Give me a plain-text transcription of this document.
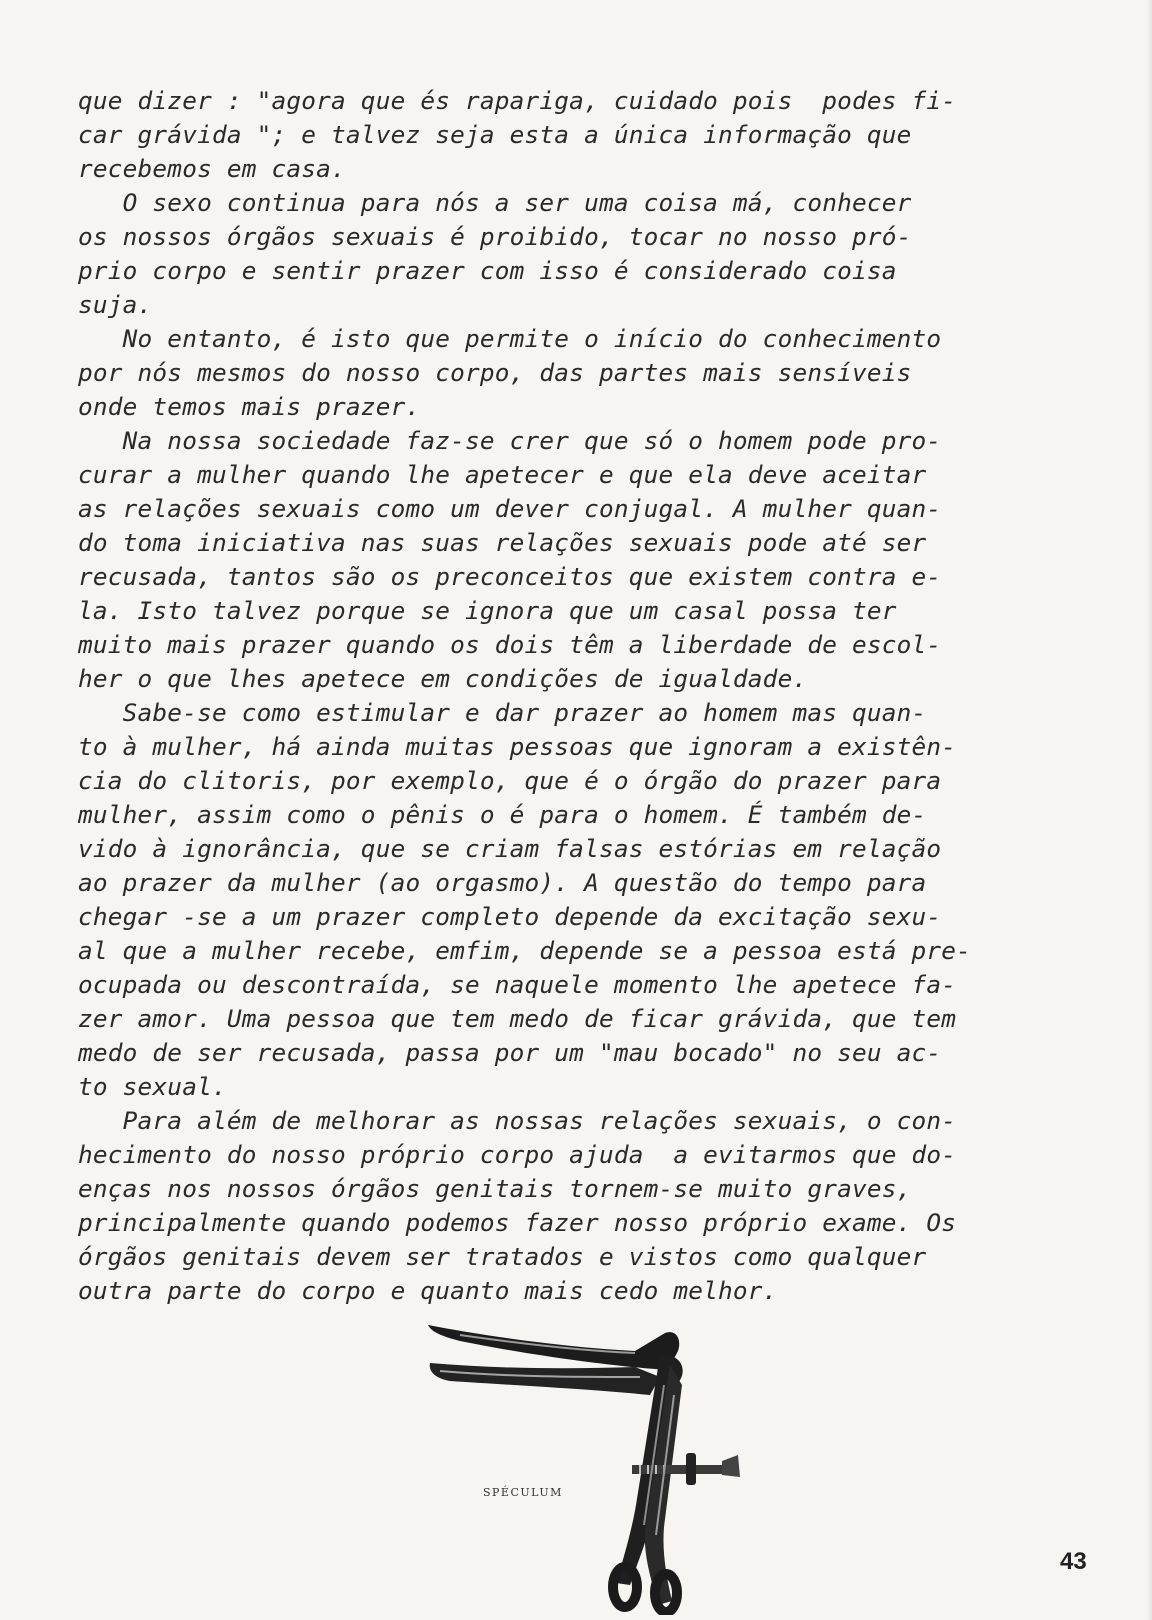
que dizer : "agora que és rapariga, cuidado pois  podes fi-
car grávida "; e talvez seja esta a única informação que
recebemos em casa.
O sexo continua para nós a ser uma coisa má, conhecer
os nossos órgãos sexuais é proibido, tocar no nosso pró-
prio corpo e sentir prazer com isso é considerado coisa
suja.
No entanto, é isto que permite o início do conhecimento
por nós mesmos do nosso corpo, das partes mais sensíveis
onde temos mais prazer.
Na nossa sociedade faz-se crer que só o homem pode pro-
curar a mulher quando lhe apetecer e que ela deve aceitar
as relações sexuais como um dever conjugal. A mulher quan-
do toma iniciativa nas suas relações sexuais pode até ser
recusada, tantos são os preconceitos que existem contra e-
la. Isto talvez porque se ignora que um casal possa ter
muito mais prazer quando os dois têm a liberdade de escol-
her o que lhes apetece em condições de igualdade.
Sabe-se como estimular e dar prazer ao homem mas quan-
to à mulher, há ainda muitas pessoas que ignoram a existên-
cia do clitoris, por exemplo, que é o órgão do prazer para
mulher, assim como o pênis o é para o homem. É também de-
vido à ignorância, que se criam falsas estórias em relação
ao prazer da mulher (ao orgasmo). A questão do tempo para
chegar -se a um prazer completo depende da excitação sexu-
al que a mulher recebe, emfim, depende se a pessoa está pre-
ocupada ou descontraída, se naquele momento lhe apetece fa-
zer amor. Uma pessoa que tem medo de ficar grávida, que tem
medo de ser recusada, passa por um "mau bocado" no seu ac-
to sexual.
Para além de melhorar as nossas relações sexuais, o con-
hecimento do nosso próprio corpo ajuda  a evitarmos que do-
enças nos nossos órgãos genitais tornem-se muito graves,
principalmente quando podemos fazer nosso próprio exame. Os
órgãos genitais devem ser tratados e vistos como qualquer
outra parte do corpo e quanto mais cedo melhor.
SPÉCULUM
43
